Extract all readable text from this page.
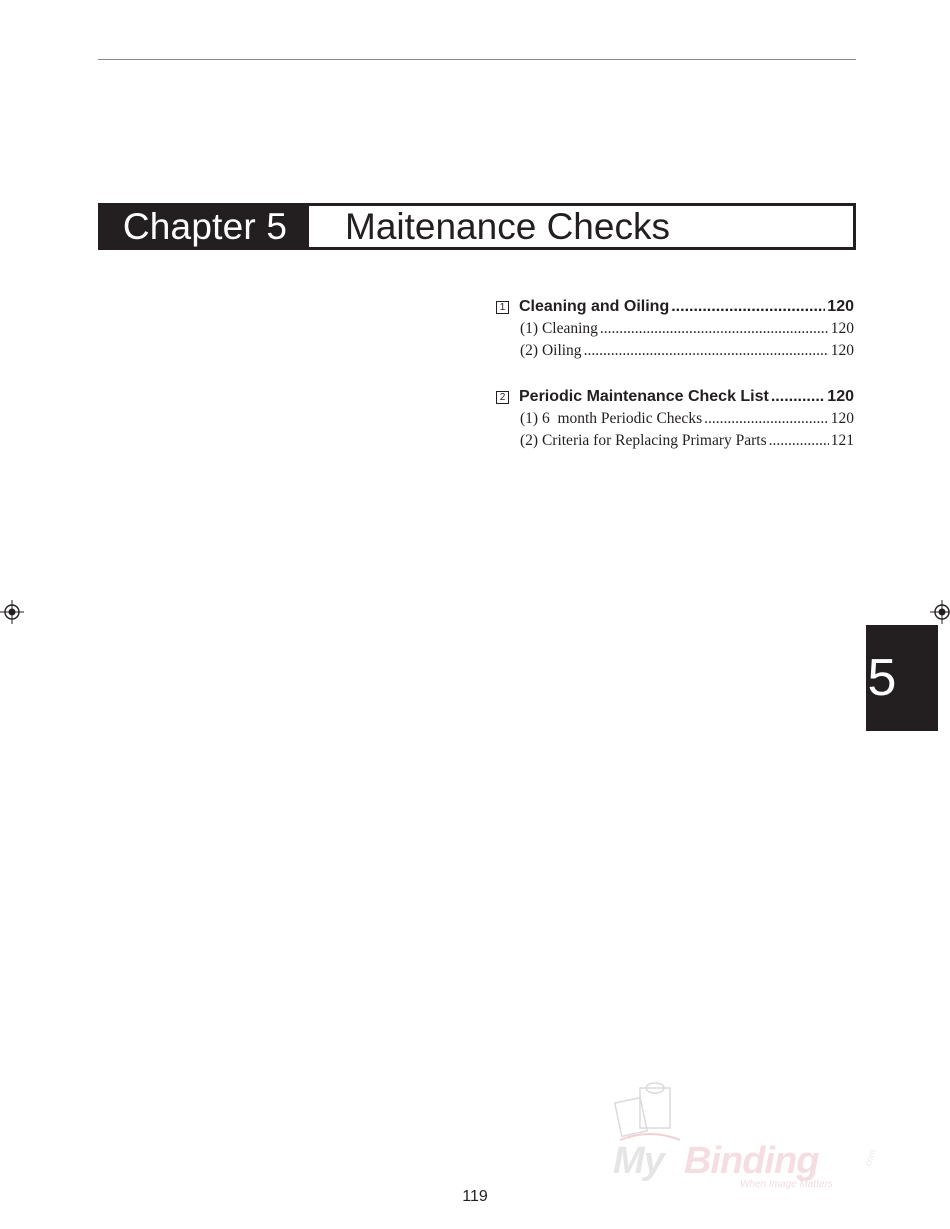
Chapter 5	Maitenance Checks
1 Cleaning and Oiling .....	120
(1) Cleaning .....	120
(2) Oiling .....	120
2 Periodic Maintenance Check List .....	120
(1) 6  month Periodic Checks .....	120
(2) Criteria for Replacing Primary Parts .....	121
5
My Binding	.com
When Image Matters
119
